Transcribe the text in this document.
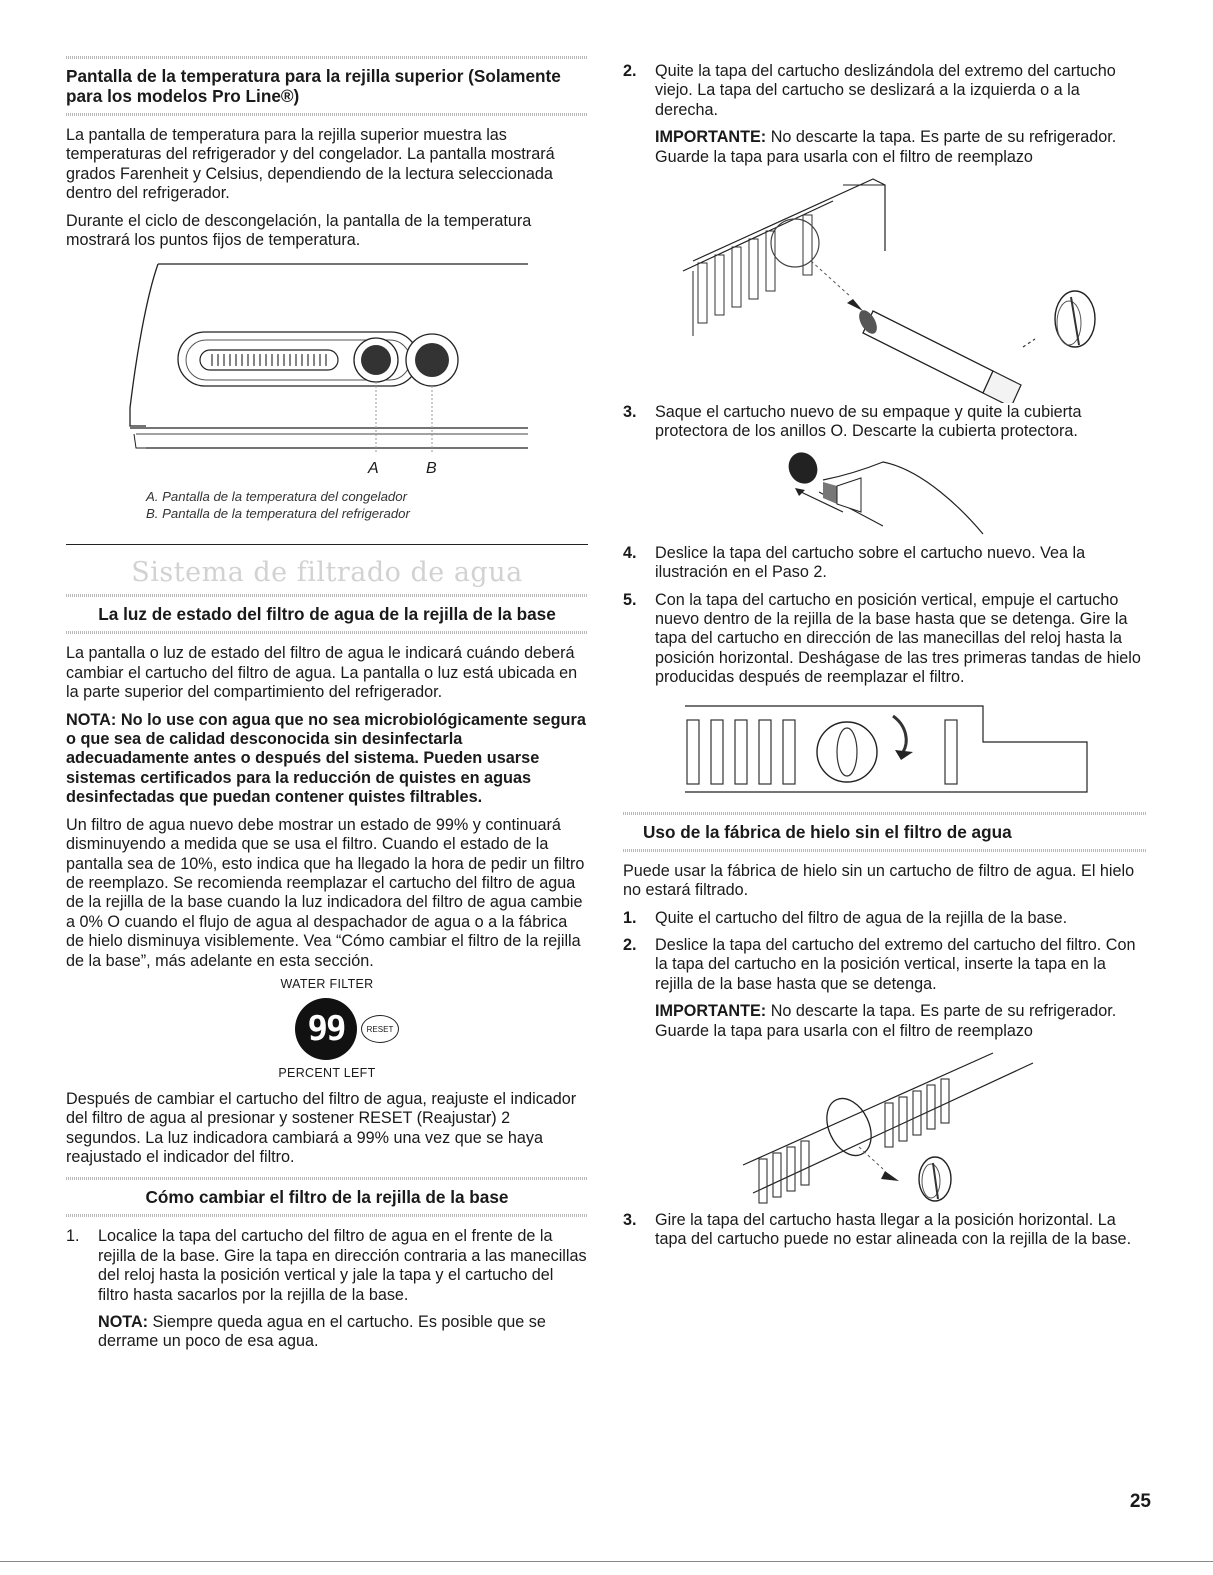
Pantalla de la temperatura para la rejilla superior (Solamente para los modelos Pro Line®)

La pantalla de temperatura para la rejilla superior muestra las temperaturas del refrigerador y del congelador. La pantalla mostrará grados Farenheit y Celsius, dependiendo de la lectura seleccionada dentro del refrigerador.

Durante el ciclo de descongelación, la pantalla de la temperatura mostrará los puntos fijos de temperatura.

A	B

A. Pantalla de la temperatura del congelador

B. Pantalla de la temperatura del refrigerador

Sistema de filtrado de agua
La luz de estado del filtro de agua de la rejilla de la base

La pantalla o luz de estado del filtro de agua le indicará cuándo deberá cambiar el cartucho del filtro de agua. La pantalla o luz está ubicada en la parte superior del compartimiento del refrigerador.

NOTA: No lo use con agua que no sea microbiológicamente segura o que sea de calidad desconocida sin desinfectarla adecuadamente antes o después del sistema. Pueden usarse sistemas certificados para la reducción de quistes en aguas desinfectadas que puedan contener quistes filtrables.

Un filtro de agua nuevo debe mostrar un estado de 99% y continuará disminuyendo a medida que se usa el filtro. Cuando el estado de la pantalla sea de 10%, esto indica que ha llegado la hora de pedir un filtro de reemplazo. Se recomienda reemplazar el cartucho del filtro de agua de la rejilla de la base cuando la luz indicadora del filtro de agua cambie a 0% O cuando el flujo de agua al despachador de agua o a la fábrica de hielo disminuya visiblemente. Vea “Cómo cambiar el filtro de la rejilla de la base”, más adelante en esta sección.

WATER FILTER

99	RESET

PERCENT LEFT

Después de cambiar el cartucho del filtro de agua, reajuste el indicador del filtro de agua al presionar y sostener RESET (Reajustar) 2 segundos. La luz indicadora cambiará a 99% una vez que se haya reajustado el indicador del filtro.

Cómo cambiar el filtro de la rejilla de la base
1.	Localice la tapa del cartucho del filtro de agua en el frente de la rejilla de la base. Gire la tapa en dirección contraria a las manecillas del reloj hasta la posición vertical y jale la tapa y el cartucho del filtro hasta sacarlos por la rejilla de la base.

NOTA: Siempre queda agua en el cartucho. Es posible que se derrame un poco de esa agua.

2.	Quite la tapa del cartucho deslizándola del extremo del cartucho viejo. La tapa del cartucho se deslizará a la izquierda o a la derecha.

IMPORTANTE: No descarte la tapa. Es parte de su refrigerador. Guarde la tapa para usarla con el filtro de reemplazo

3.	Saque el cartucho nuevo de su empaque y quite la cubierta protectora de los anillos O. Descarte la cubierta protectora.
4.	Deslice la tapa del cartucho sobre el cartucho nuevo. Vea la ilustración en el Paso 2.
5.	Con la tapa del cartucho en posición vertical, empuje el cartucho nuevo dentro de la rejilla de la base hasta que se detenga. Gire la tapa del cartucho en dirección de las manecillas del reloj hasta la posición horizontal. Deshágase de las tres primeras tandas de hielo producidas después de reemplazar el filtro.
Uso de la fábrica de hielo sin el filtro de agua

Puede usar la fábrica de hielo sin un cartucho de filtro de agua. El hielo no estará filtrado.

1.	Quite el cartucho del filtro de agua de la rejilla de la base.
2.	Deslice la tapa del cartucho del extremo del cartucho del filtro. Con la tapa del cartucho en la posición vertical, inserte la tapa en la rejilla de la base hasta que se detenga.

IMPORTANTE: No descarte la tapa. Es parte de su refrigerador. Guarde la tapa para usarla con el filtro de reemplazo

3.	Gire la tapa del cartucho hasta llegar a la posición horizontal. La tapa del cartucho puede no estar alineada con la rejilla de la base.
25
